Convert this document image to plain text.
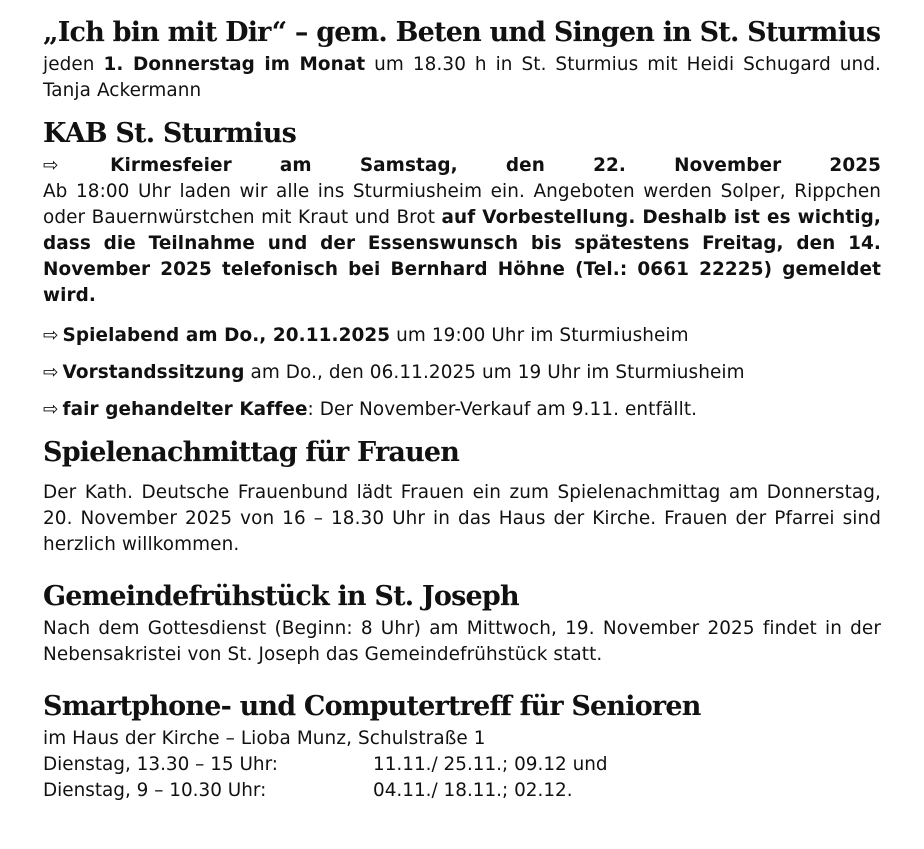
„Ich bin mit Dir“ – gem. Beten und Singen in St. Sturmius

jeden 1. Donnerstag im Monat um 18.30 h in St. Sturmius mit Heidi Schugard und. Tanja Ackermann

KAB St. Sturmius

⇨	Kirmesfeier am Samstag, den 22. November 2025

Ab 18:00 Uhr laden wir alle ins Sturmiusheim ein. Angeboten werden Solper, Rippchen oder Bauernwürstchen mit Kraut und Brot auf Vorbestellung. Deshalb ist es wichtig, dass die Teilnahme und der Essenswunsch bis spätestens Freitag, den 14. November 2025 telefonisch bei Bernhard Höhne (Tel.: 0661 22225) gemeldet wird.

⇨ Spielabend am Do., 20.11.2025 um 19:00 Uhr im Sturmiusheim

⇨ Vorstandssitzung am Do., den 06.11.2025 um 19 Uhr im Sturmiusheim

⇨ fair gehandelter Kaffee: Der November-Verkauf am 9.11. entfällt.

Spielenachmittag für Frauen

Der Kath. Deutsche Frauenbund lädt Frauen ein zum Spielenachmittag am Donnerstag, 20. November 2025 von 16 – 18.30 Uhr in das Haus der Kirche. Frauen der Pfarrei sind herzlich willkommen.

Gemeindefrühstück in St. Joseph

Nach dem Gottesdienst (Beginn: 8 Uhr) am Mittwoch, 19. November 2025 findet in der Nebensakristei von St. Joseph das Gemeindefrühstück statt.

Smartphone- und Computertreff für Senioren

im Haus der Kirche – Lioba Munz, Schulstraße 1

Dienstag, 13.30 – 15 Uhr:	11.11./ 25.11.; 09.12 und
Dienstag, 9 – 10.30 Uhr:	04.11./ 18.11.; 02.12.
